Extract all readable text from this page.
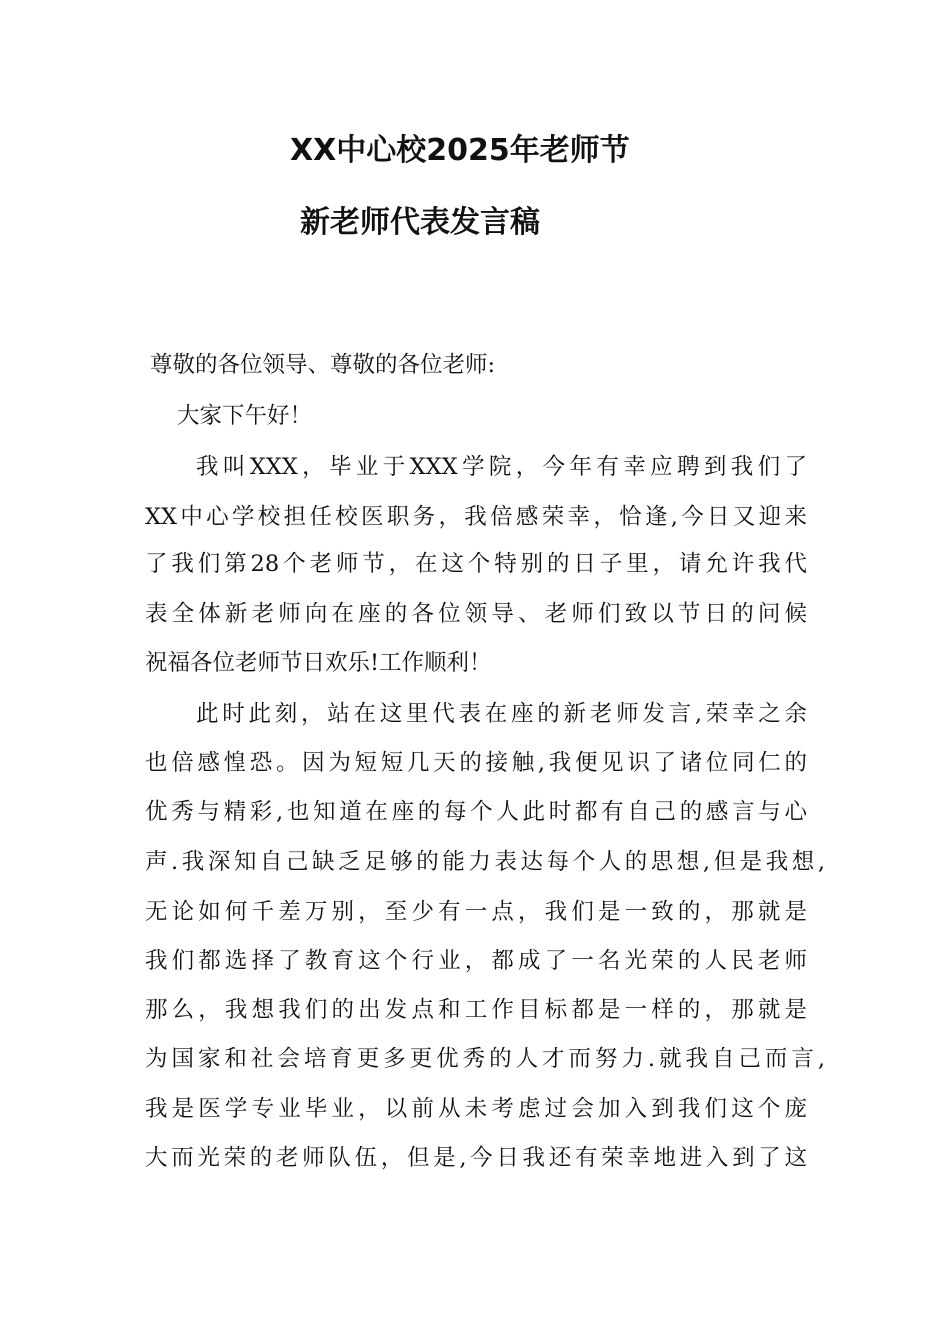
XX中心校2025年老师节
新老师代表发言稿

尊敬的各位领导、尊敬的各位老师:

大家下午好！

我叫XXX，毕业于XXX学院，今年有幸应聘到我们了

XX中心学校担任校医职务，我倍感荣幸，恰逢,今日又迎来

了我们第28个老师节，在这个特别的日子里，请允许我代

表全体新老师向在座的各位领导、老师们致以节日的问候

祝福各位老师节日欢乐!工作顺利！

此时此刻，站在这里代表在座的新老师发言,荣幸之余

也倍感惶恐。因为短短几天的接触,我便见识了诸位同仁的

优秀与精彩,也知道在座的每个人此时都有自己的感言与心

声.我深知自己缺乏足够的能力表达每个人的思想,但是我想,

无论如何千差万别，至少有一点，我们是一致的，那就是

我们都选择了教育这个行业，都成了一名光荣的人民老师

那么，我想我们的出发点和工作目标都是一样的，那就是

为国家和社会培育更多更优秀的人才而努力.就我自己而言,

我是医学专业毕业，以前从未考虑过会加入到我们这个庞

大而光荣的老师队伍，但是,今日我还有荣幸地进入到了这
